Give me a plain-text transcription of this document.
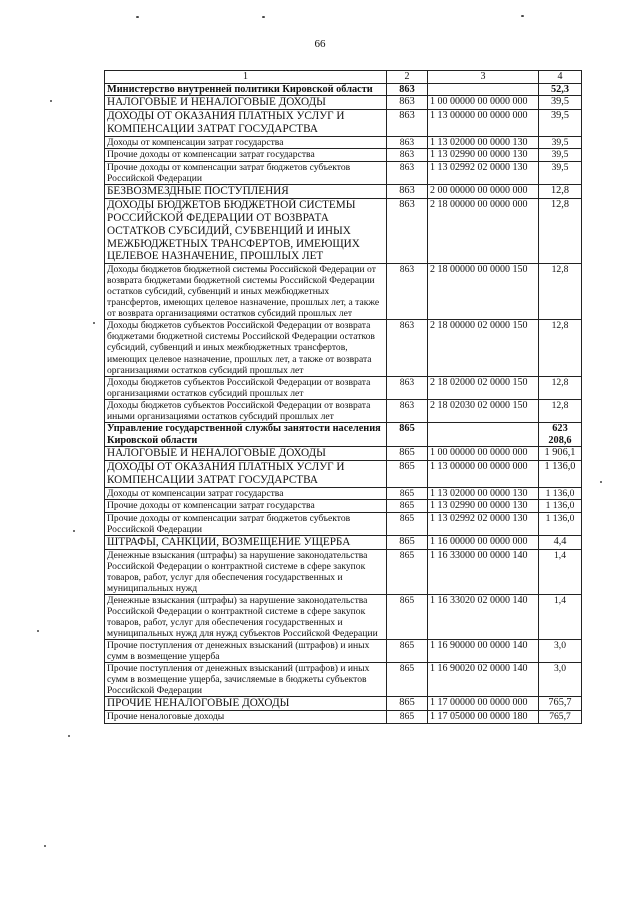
66
1	2	3	4
Министерство внутренней политики Кировской области	863		52,3
НАЛОГОВЫЕ И НЕНАЛОГОВЫЕ ДОХОДЫ	863	1 00 00000 00 0000 000	39,5
ДОХОДЫ ОТ ОКАЗАНИЯ ПЛАТНЫХ УСЛУГ И КОМПЕНСАЦИИ ЗАТРАТ ГОСУДАРСТВА	863	1 13 00000 00 0000 000	39,5
Доходы от компенсации затрат государства	863	1 13 02000 00 0000 130	39,5
Прочие доходы от компенсации затрат государства	863	1 13 02990 00 0000 130	39,5
Прочие доходы от компенсации затрат бюджетов субъектов Российской Федерации	863	1 13 02992 02 0000 130	39,5
БЕЗВОЗМЕЗДНЫЕ ПОСТУПЛЕНИЯ	863	2 00 00000 00 0000 000	12,8
ДОХОДЫ БЮДЖЕТОВ БЮДЖЕТНОЙ СИСТЕМЫ РОССИЙСКОЙ ФЕДЕРАЦИИ ОТ ВОЗВРАТА ОСТАТКОВ СУБСИДИЙ, СУБВЕНЦИЙ И ИНЫХ МЕЖБЮДЖЕТНЫХ ТРАНСФЕРТОВ, ИМЕЮЩИХ ЦЕЛЕВОЕ НАЗНАЧЕНИЕ, ПРОШЛЫХ ЛЕТ	863	2 18 00000 00 0000 000	12,8
Доходы бюджетов бюджетной системы Российской Федерации от возврата бюджетами бюджетной системы Российской Федерации остатков субсидий, субвенций и иных межбюджетных трансфертов, имеющих целевое назначение, прошлых лет, а также от возврата организациями остатков субсидий прошлых лет	863	2 18 00000 00 0000 150	12,8
Доходы бюджетов субъектов Российской Федерации от возврата бюджетами бюджетной системы Российской Федерации остатков субсидий, субвенций и иных межбюджетных трансфертов, имеющих целевое назначение, прошлых лет, а также от возврата организациями остатков субсидий прошлых лет	863	2 18 00000 02 0000 150	12,8
Доходы бюджетов субъектов Российской Федерации от возврата организациями остатков субсидий прошлых лет	863	2 18 02000 02 0000 150	12,8
Доходы бюджетов субъектов Российской Федерации от возврата иными организациями остатков субсидий прошлых лет	863	2 18 02030 02 0000 150	12,8
Управление государственной службы занятости населения Кировской области	865		623 208,6
НАЛОГОВЫЕ И НЕНАЛОГОВЫЕ ДОХОДЫ	865	1 00 00000 00 0000 000	1 906,1
ДОХОДЫ ОТ ОКАЗАНИЯ ПЛАТНЫХ УСЛУГ И КОМПЕНСАЦИИ ЗАТРАТ ГОСУДАРСТВА	865	1 13 00000 00 0000 000	1 136,0
Доходы от компенсации затрат государства	865	1 13 02000 00 0000 130	1 136,0
Прочие доходы от компенсации затрат государства	865	1 13 02990 00 0000 130	1 136,0
Прочие доходы от компенсации затрат бюджетов субъектов Российской Федерации	865	1 13 02992 02 0000 130	1 136,0
ШТРАФЫ, САНКЦИИ, ВОЗМЕЩЕНИЕ УЩЕРБА	865	1 16 00000 00 0000 000	4,4
Денежные взыскания (штрафы) за нарушение законодательства Российской Федерации о контрактной системе в сфере закупок товаров, работ, услуг для обеспечения государственных и муниципальных нужд	865	1 16 33000 00 0000 140	1,4
Денежные взыскания (штрафы) за нарушение законодательства Российской Федерации о контрактной системе в сфере закупок товаров, работ, услуг для обеспечения государственных и муниципальных нужд для нужд субъектов Российской Федерации	865	1 16 33020 02 0000 140	1,4
Прочие поступления от денежных взысканий (штрафов) и иных сумм в возмещение ущерба	865	1 16 90000 00 0000 140	3,0
Прочие поступления от денежных взысканий (штрафов) и иных сумм в возмещение ущерба, зачисляемые в бюджеты субъектов Российской Федерации	865	1 16 90020 02 0000 140	3,0
ПРОЧИЕ НЕНАЛОГОВЫЕ ДОХОДЫ	865	1 17 00000 00 0000 000	765,7
Прочие неналоговые доходы	865	1 17 05000 00 0000 180	765,7
